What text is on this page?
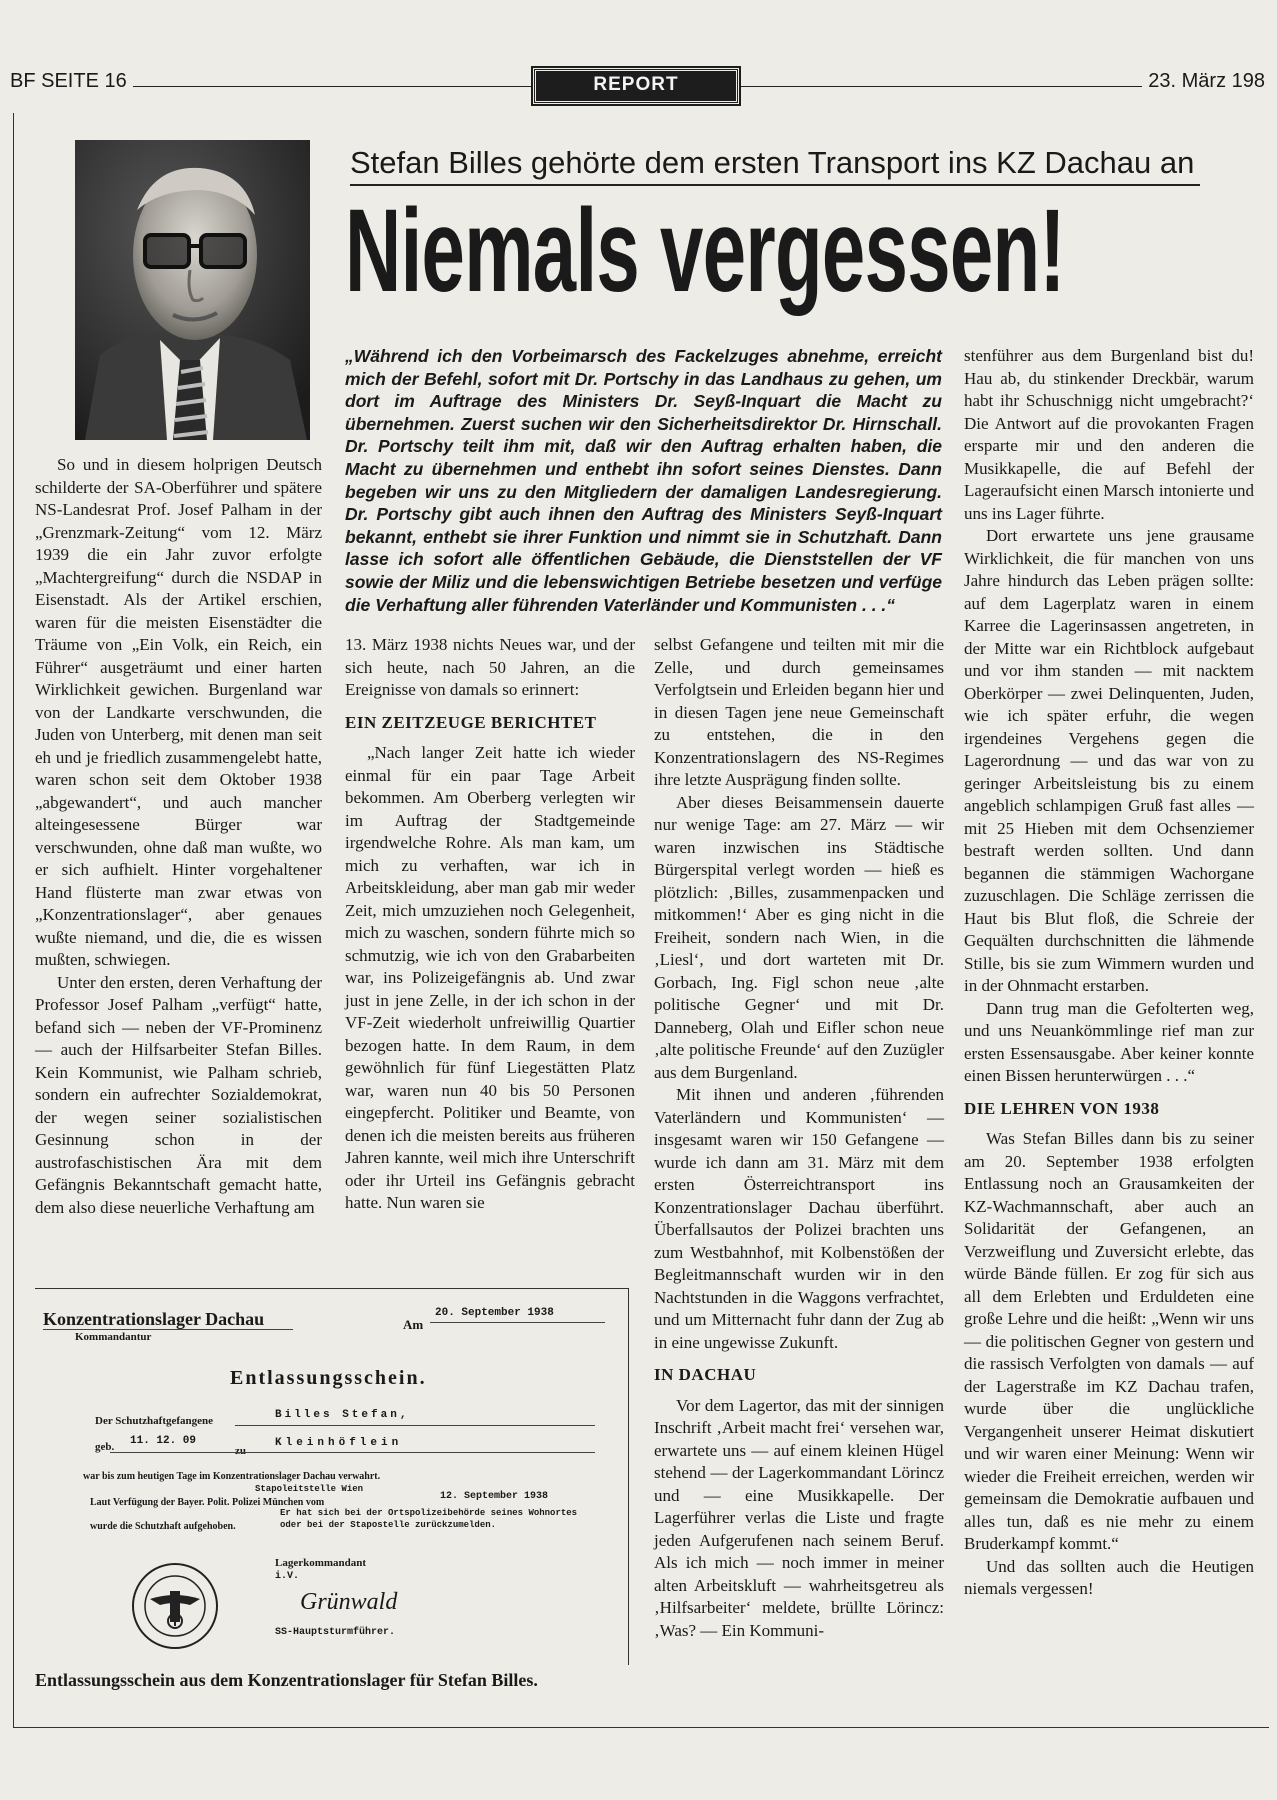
BF SEITE 16	REPORT	23. März 198
Stefan Billes gehörte dem ersten Transport ins KZ Dachau an
Niemals vergessen!
„Während ich den Vorbeimarsch des Fackelzuges abnehme, erreicht mich der Befehl, sofort mit Dr. Portschy in das Landhaus zu gehen, um dort im Auftrage des Ministers Dr. Seyß-Inquart die Macht zu übernehmen. Zuerst suchen wir den Sicherheitsdirektor Dr. Hirnschall. Dr. Portschy teilt ihm mit, daß wir den Auftrag erhalten haben, die Macht zu übernehmen und enthebt ihn sofort seines Dienstes. Dann begeben wir uns zu den Mitgliedern der damaligen Landesregierung. Dr. Portschy gibt auch ihnen den Auftrag des Ministers Seyß-Inquart bekannt, enthebt sie ihrer Funktion und nimmt sie in Schutzhaft. Dann lasse ich sofort alle öffentlichen Gebäude, die Dienststellen der VF sowie der Miliz und die lebenswichtigen Betriebe besetzen und verfüge die Verhaftung aller führenden Vaterländer und Kommunisten . . .“

So und in diesem holprigen Deutsch schilderte der SA-Oberführer und spätere NS-Landesrat Prof. Josef Palham in der „Grenzmark-Zeitung“ vom 12. März 1939 die ein Jahr zuvor erfolgte „Machtergreifung“ durch die NSDAP in Eisenstadt. Als der Artikel erschien, waren für die meisten Eisenstädter die Träume von „Ein Volk, ein Reich, ein Führer“ ausgeträumt und einer harten Wirklichkeit gewichen. Burgenland war von der Landkarte verschwunden, die Juden von Unterberg, mit denen man seit eh und je friedlich zusammengelebt hatte, waren schon seit dem Oktober 1938 „abgewandert“, und auch mancher alteingesessene Bürger war verschwunden, ohne daß man wußte, wo er sich aufhielt. Hinter vorgehaltener Hand flüsterte man zwar etwas von „Konzentrationslager“, aber genaues wußte niemand, und die, die es wissen mußten, schwiegen.

Unter den ersten, deren Verhaftung der Professor Josef Palham „verfügt“ hatte, befand sich — neben der VF-Prominenz — auch der Hilfsarbeiter Stefan Billes. Kein Kommunist, wie Palham schrieb, sondern ein aufrechter Sozialdemokrat, der wegen seiner sozialistischen Gesinnung schon in der austrofaschistischen Ära mit dem Gefängnis Bekanntschaft gemacht hatte, dem also diese neuerliche Verhaftung am

13. März 1938 nichts Neues war, und der sich heute, nach 50 Jahren, an die Ereignisse von damals so erinnert:

EIN ZEITZEUGE BERICHTET

„Nach langer Zeit hatte ich wieder einmal für ein paar Tage Arbeit bekommen. Am Oberberg verlegten wir im Auftrag der Stadtgemeinde irgendwelche Rohre. Als man kam, um mich zu verhaften, war ich in Arbeitskleidung, aber man gab mir weder Zeit, mich umzuziehen noch Gelegenheit, mich zu waschen, sondern führte mich so schmutzig, wie ich von den Grabarbeiten war, ins Polizeigefängnis ab. Und zwar just in jene Zelle, in der ich schon in der VF-Zeit wiederholt unfreiwillig Quartier bezogen hatte. In dem Raum, in dem gewöhnlich für fünf Liegestätten Platz war, waren nun 40 bis 50 Personen eingepfercht. Politiker und Beamte, von denen ich die meisten bereits aus früheren Jahren kannte, weil mich ihre Unterschrift oder ihr Urteil ins Gefängnis gebracht hatte. Nun waren sie

selbst Gefangene und teilten mit mir die Zelle, und durch gemeinsames Verfolgtsein und Erleiden begann hier und in diesen Tagen jene neue Gemeinschaft zu entstehen, die in den Konzentrationslagern des NS-Regimes ihre letzte Ausprägung finden sollte.

Aber dieses Beisammensein dauerte nur wenige Tage: am 27. März — wir waren inzwischen ins Städtische Bürgerspital verlegt worden — hieß es plötzlich: ‚Billes, zusammenpacken und mitkommen!‘ Aber es ging nicht in die Freiheit, sondern nach Wien, in die ‚Liesl‘, und dort warteten mit Dr. Gorbach, Ing. Figl schon neue ‚alte politische Gegner‘ und mit Dr. Danneberg, Olah und Eifler schon neue ‚alte politische Freunde‘ auf den Zuzügler aus dem Burgenland.

Mit ihnen und anderen ‚führenden Vaterländern und Kommunisten‘ — insgesamt waren wir 150 Gefangene — wurde ich dann am 31. März mit dem ersten Österreichtransport ins Konzentrationslager Dachau überführt. Überfallsautos der Polizei brachten uns zum Westbahnhof, mit Kolbenstößen der Begleitmannschaft wurden wir in den Nachtstunden in die Waggons verfrachtet, und um Mitternacht fuhr dann der Zug ab in eine ungewisse Zukunft.

IN DACHAU

Vor dem Lagertor, das mit der sinnigen Inschrift ‚Arbeit macht frei‘ versehen war, erwartete uns — auf einem kleinen Hügel stehend — der Lagerkommandant Lörincz und — eine Musikkapelle. Der Lagerführer verlas die Liste und fragte jeden Aufgerufenen nach seinem Beruf. Als ich mich — noch immer in meiner alten Arbeitskluft — wahrheitsgetreu als ‚Hilfsarbeiter‘ meldete, brüllte Lörincz: ‚Was? — Ein Kommuni-

stenführer aus dem Burgenland bist du! Hau ab, du stinkender Dreckbär, warum habt ihr Schuschnigg nicht umgebracht?‘ Die Antwort auf die provokanten Fragen ersparte mir und den anderen die Musikkapelle, die auf Befehl der Lageraufsicht einen Marsch intonierte und uns ins Lager führte.

Dort erwartete uns jene grausame Wirklichkeit, die für manchen von uns Jahre hindurch das Leben prägen sollte: auf dem Lagerplatz waren in einem Karree die Lagerinsassen angetreten, in der Mitte war ein Richtblock aufgebaut und vor ihm standen — mit nacktem Oberkörper — zwei Delinquenten, Juden, wie ich später erfuhr, die wegen irgendeines Vergehens gegen die Lagerordnung — und das war von zu geringer Arbeitsleistung bis zu einem angeblich schlampigen Gruß fast alles — mit 25 Hieben mit dem Ochsenziemer bestraft werden sollten. Und dann begannen die stämmigen Wachorgane zuzuschlagen. Die Schläge zerrissen die Haut bis Blut floß, die Schreie der Gequälten durchschnitten die lähmende Stille, bis sie zum Wimmern wurden und in der Ohnmacht erstarben.

Dann trug man die Gefolterten weg, und uns Neuankömmlinge rief man zur ersten Essensausgabe. Aber keiner konnte einen Bissen herunterwürgen . . .“

DIE LEHREN VON 1938

Was Stefan Billes dann bis zu seiner am 20. September 1938 erfolgten Entlassung noch an Grausamkeiten der KZ-Wachmannschaft, aber auch an Solidarität der Gefangenen, an Verzweiflung und Zuversicht erlebte, das würde Bände füllen. Er zog für sich aus all dem Erlebten und Erduldeten eine große Lehre und die heißt: „Wenn wir uns — die politischen Gegner von gestern und die rassisch Verfolgten von damals — auf der Lagerstraße im KZ Dachau trafen, wurde über die unglückliche Vergangenheit unserer Heimat diskutiert und wir waren einer Meinung: Wenn wir wieder die Freiheit erreichen, werden wir gemeinsam die Demokratie aufbauen und alles tun, daß es nie mehr zu einem Bruderkampf kommt.“

Und das sollten auch die Heutigen niemals vergessen!

Konzentrationslager Dachau
Kommandantur
Am
20. September 1938
Entlassungsschein.
Der Schutzhaftgefangene	Billes Stefan,
geb. 11. 12. 09
zu
Kleinhöflein
war bis zum heutigen Tage im Konzentrationslager Dachau verwahrt.
Stapoleitstelle Wien
Laut Verfügung der Bayer. Polit. Polizei München vom
12. September 1938
wurde die Schutzhaft aufgehoben.
Er hat sich bei der Ortspolizeibehörde seines Wohnortes oder bei der Stapostelle zurückzumelden.
Lagerkommandant
i.V.
Grünwald
SS-Hauptsturmführer.
Entlassungsschein aus dem Konzentrationslager für Stefan Billes.
